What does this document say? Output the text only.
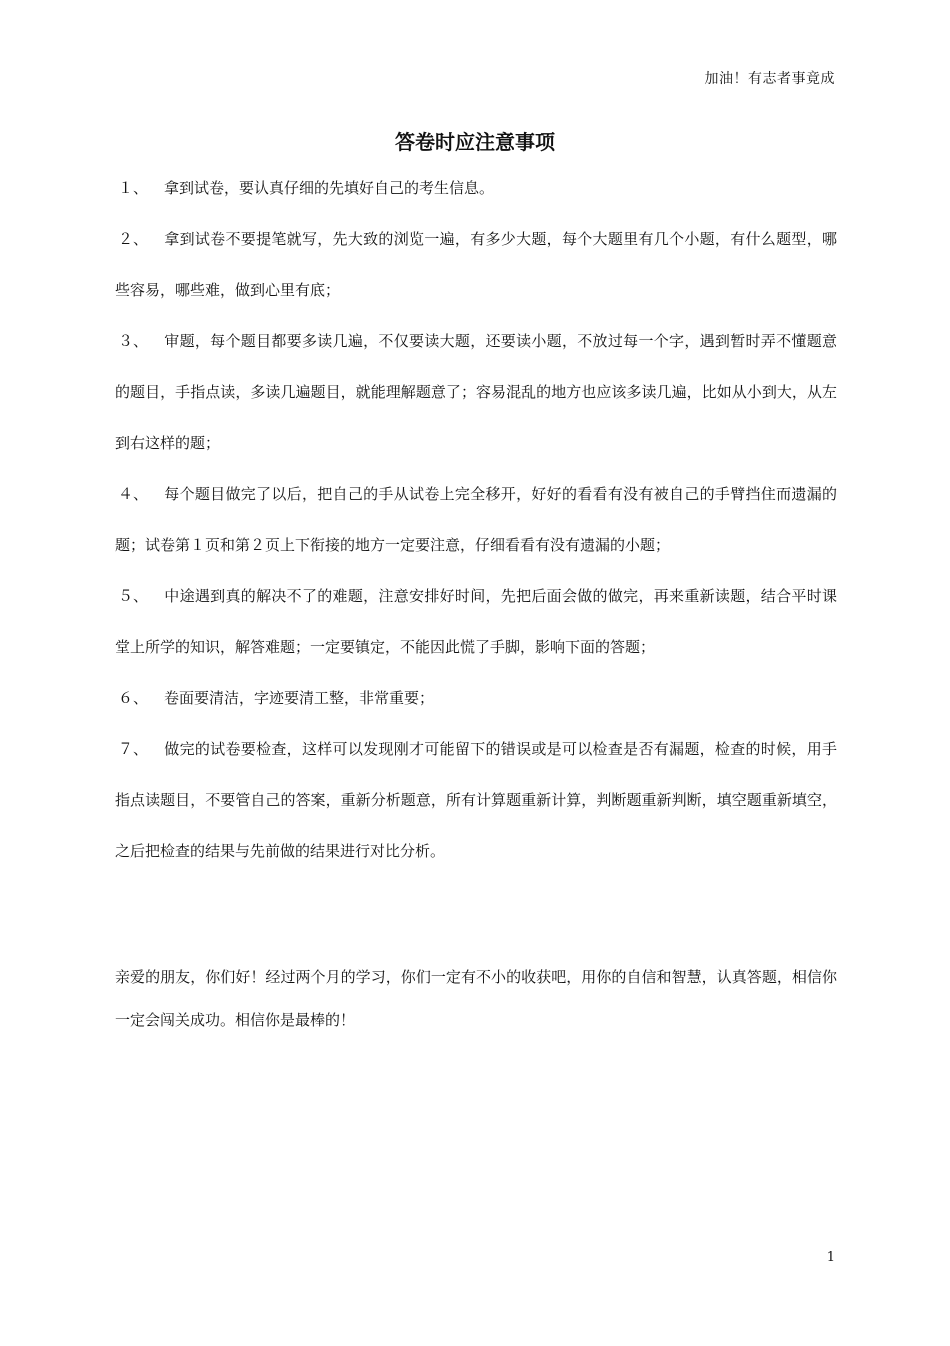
加油！有志者事竟成
答卷时应注意事项

１、 拿到试卷，要认真仔细的先填好自己的考生信息。

２、 拿到试卷不要提笔就写，先大致的浏览一遍，有多少大题，每个大题里有几个小题，有什么题型，哪些容易，哪些难，做到心里有底；

３、 审题，每个题目都要多读几遍，不仅要读大题，还要读小题，不放过每一个字，遇到暂时弄不懂题意的题目，手指点读，多读几遍题目，就能理解题意了；容易混乱的地方也应该多读几遍，比如从小到大，从左到右这样的题；

４、 每个题目做完了以后，把自己的手从试卷上完全移开，好好的看看有没有被自己的手臂挡住而遗漏的题；试卷第１页和第２页上下衔接的地方一定要注意，仔细看看有没有遗漏的小题；

５、 中途遇到真的解决不了的难题，注意安排好时间，先把后面会做的做完，再来重新读题，结合平时课堂上所学的知识，解答难题；一定要镇定，不能因此慌了手脚，影响下面的答题；

６、 卷面要清洁，字迹要清工整，非常重要；

７、 做完的试卷要检查，这样可以发现刚才可能留下的错误或是可以检查是否有漏题，检查的时候，用手指点读题目，不要管自己的答案，重新分析题意，所有计算题重新计算，判断题重新判断，填空题重新填空，之后把检查的结果与先前做的结果进行对比分析。

亲爱的朋友，你们好！经过两个月的学习，你们一定有不小的收获吧，用你的自信和智慧，认真答题，相信你一定会闯关成功。相信你是最棒的！

1
